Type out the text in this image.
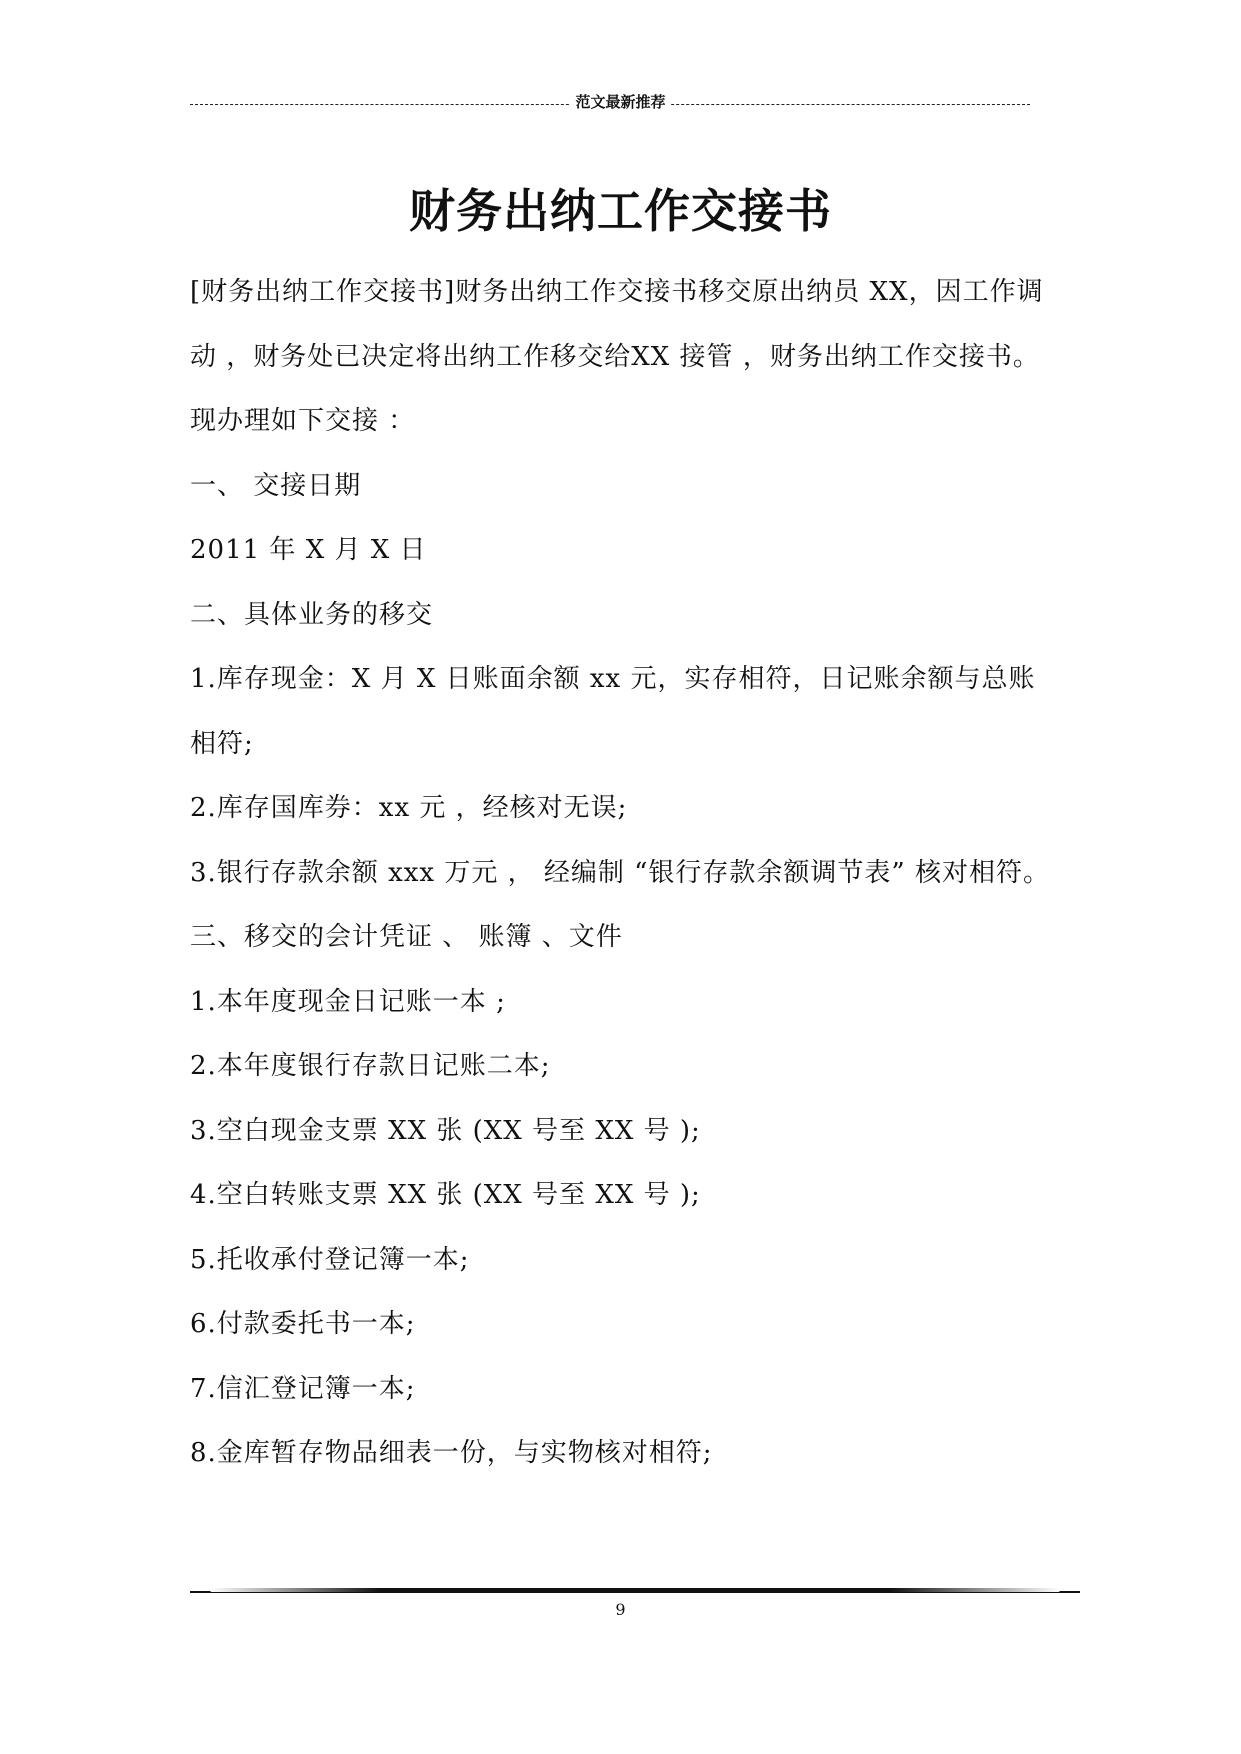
范文最新推荐
财务出纳工作交接书

[财务出纳工作交接书]财务出纳工作交接书移交原出纳员 XX，因工作调动 ，财务处已决定将出纳工作移交给XX 接管 ，财务出纳工作交接书。 现办理如下交接 ：

一、 交接日期

2011 年 X 月 X 日

二、具体业务的移交

1.库存现金：X 月 X 日账面余额 xx 元，实存相符，日记账余额与总账相符;

2.库存国库券：xx 元 ，经核对无误;

3.银行存款余额 xxx 万元 ， 经编制 “银行存款余额调节表” 核对相符。

三、移交的会计凭证 、 账簿 、文件

1.本年度现金日记账一本 ;

2.本年度银行存款日记账二本;

3.空白现金支票 XX 张 (XX 号至 XX 号 );

4.空白转账支票 XX 张 (XX 号至 XX 号 );

5.托收承付登记簿一本;

6.付款委托书一本;

7.信汇登记簿一本;

8.金库暂存物品细表一份，与实物核对相符;

9
